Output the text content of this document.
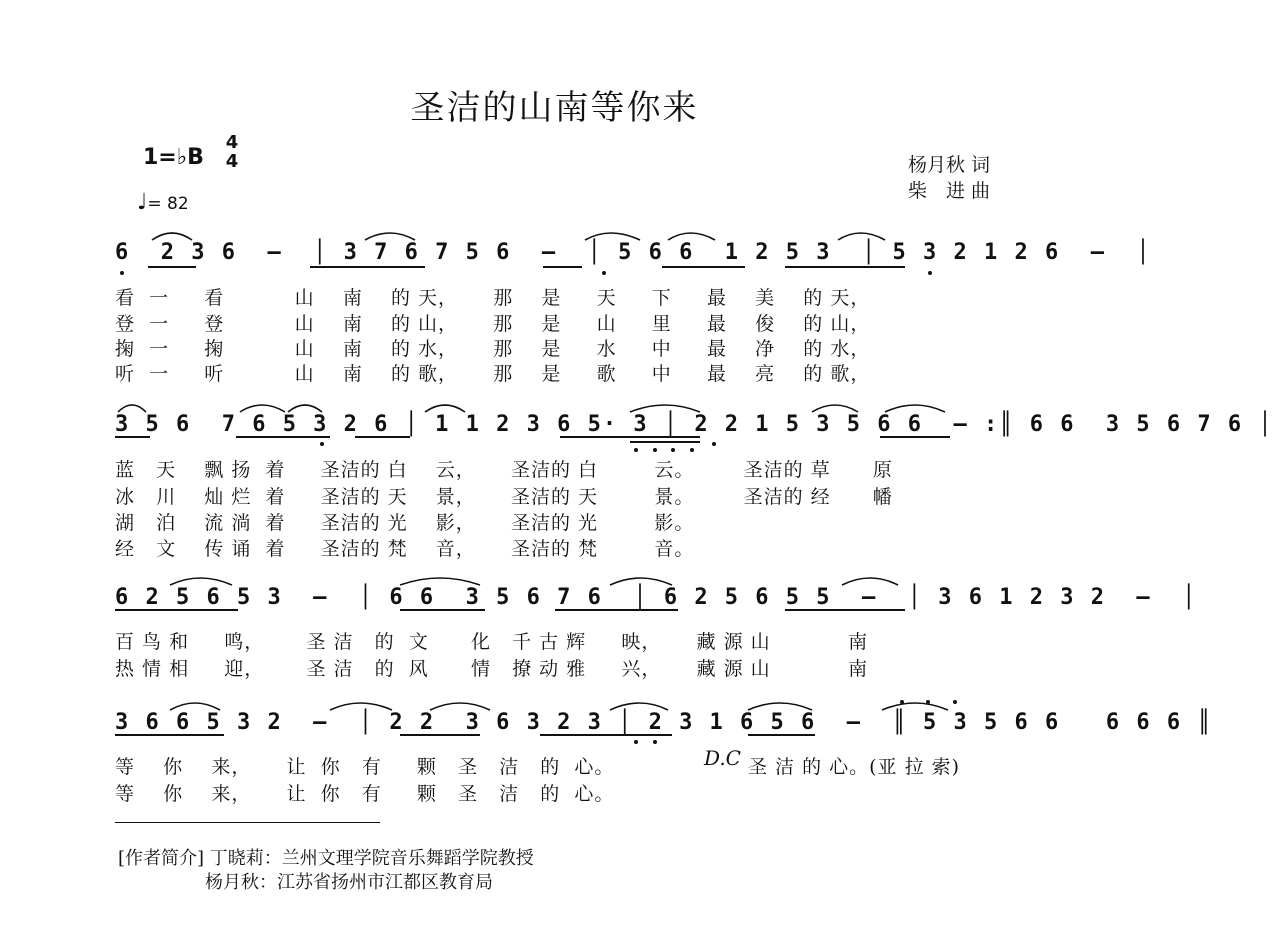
圣洁的山南等你来
1=♭B
4
4
♩= 82
杨月秋 词
柴　进 曲
6  2 3 6  –  │ 3 7 6 7 5 6  –  │ 5 6 6  1 2 5 3  │ 5 3 2 1 2 6  –  │
看  一     看          山    南    的 天，     那    是     天     下     最    美    的 天，
登  一     登          山    南    的 山，     那    是     山     里     最    俊    的 山，
掬  一     掬          山    南    的 水，     那    是     水     中     最    净    的 水，
听  一     听          山    南    的 歌，     那    是     歌     中     最    亮    的 歌，
3 5 6  7 6 5 3 2 6 │ 1 1 2 3 6 5· 3 │ 2 2 1 5 3 5 6 6  – :║ 6 6  3 5 6 7 6 │
蓝   天    飘 扬  着     圣洁的 白    云，     圣洁的 白        云。       圣洁的 草      原
冰   川    灿 烂  着     圣洁的 天    景，     圣洁的 天        景。       圣洁的 经      幡
湖   泊    流 淌  着     圣洁的 光    影，     圣洁的 光        影。
经   文    传 诵  着     圣洁的 梵    音，     圣洁的 梵        音。
6 2 5 6 5 3  –  │ 6 6  3 5 6 7 6  │ 6 2 5 6 5 5  –  │ 3 6 1 2 3 2  –  │
百 鸟 和     鸣，      圣 洁   的  文      化   千 古 辉     映，     藏 源 山           南
热 情 相     迎，      圣 洁   的  风      情   撩 动 雅     兴，     藏 源 山           南
3 6 6 5 3 2  –  │ 2 2  3 6 3 2 3 │ 2 3 1 6 5 6  –  ║ 5 3 5 6 6   6 6 6 ║
等    你    来，     让  你   有     颗   圣   洁   的  心。
等    你    来，     让  你   有     颗   圣   洁   的  心。
D.C 圣 洁 的 心。(亚 拉 索)
[作者简介] 丁晓莉：兰州文理学院音乐舞蹈学院教授
杨月秋：江苏省扬州市江都区教育局
